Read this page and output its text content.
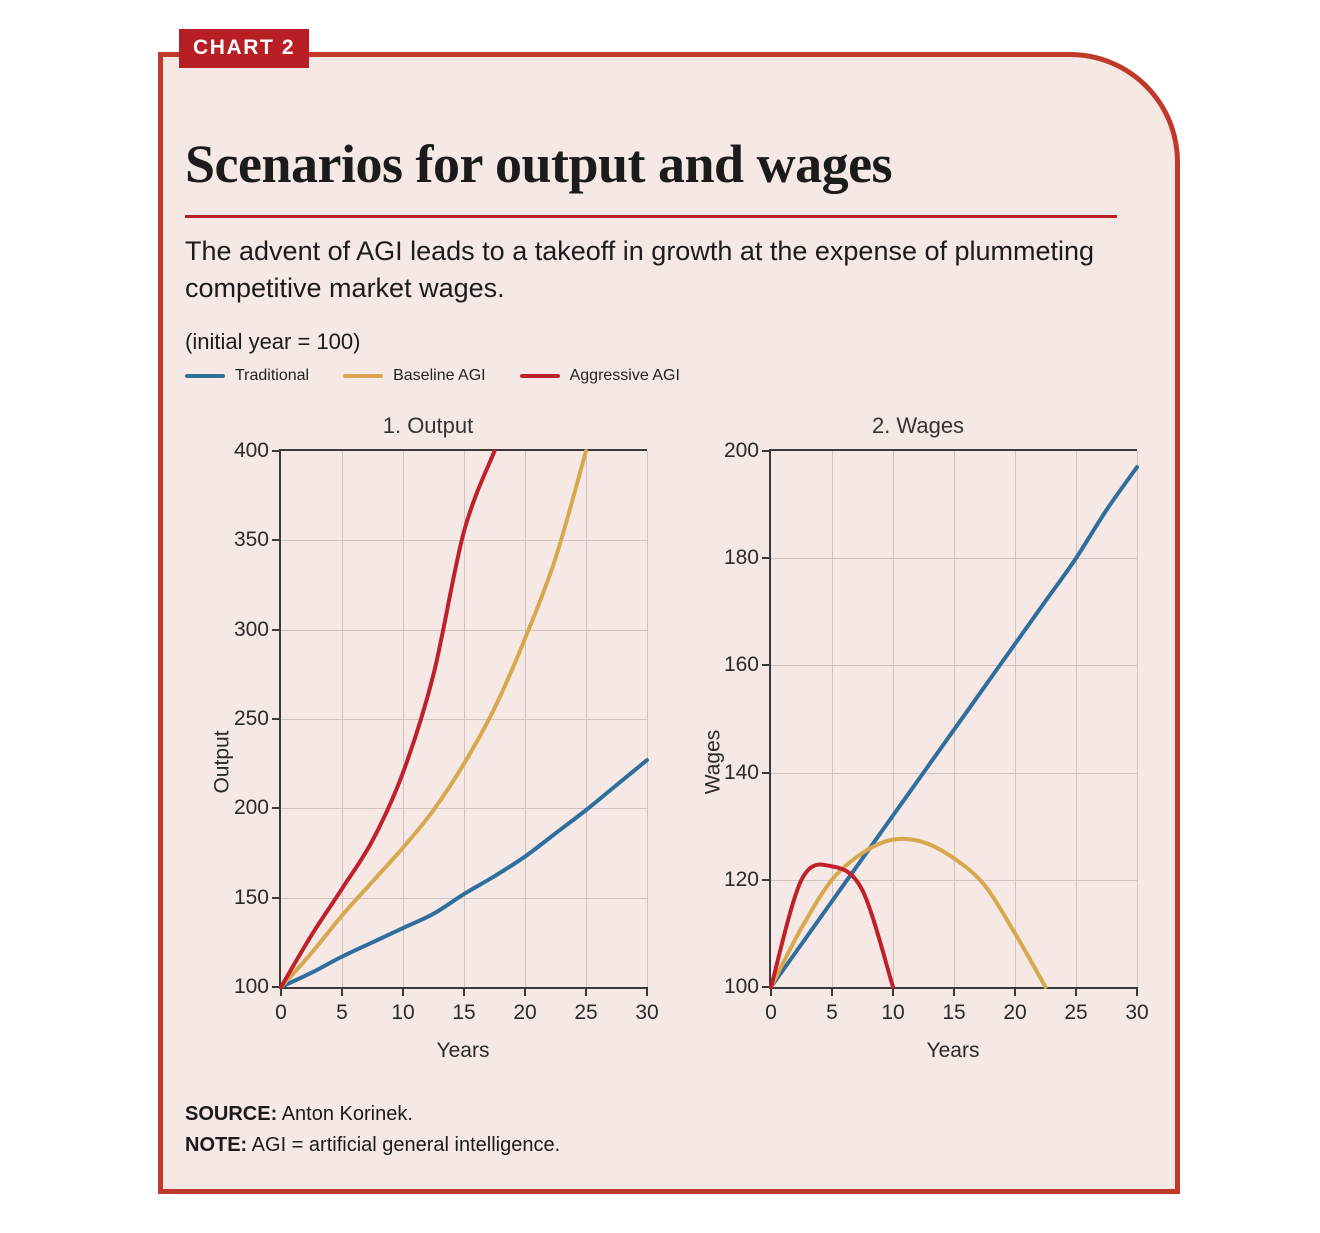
CHART 2
Scenarios for output and wages
The advent of AGI leads to a takeoff in growth at the expense of plummeting competitive market wages.
(initial year = 100)
Traditional	Baseline AGI	Aggressive AGI
1. Output
Output
0 5 10 15 20 25 30
100
150
200
250
300
350
400
Years
2. Wages
Wages
0 5 10 15 20 25 30
100
120
140
160
180
200
Years
SOURCE: Anton Korinek.
NOTE: AGI = artificial general intelligence.
